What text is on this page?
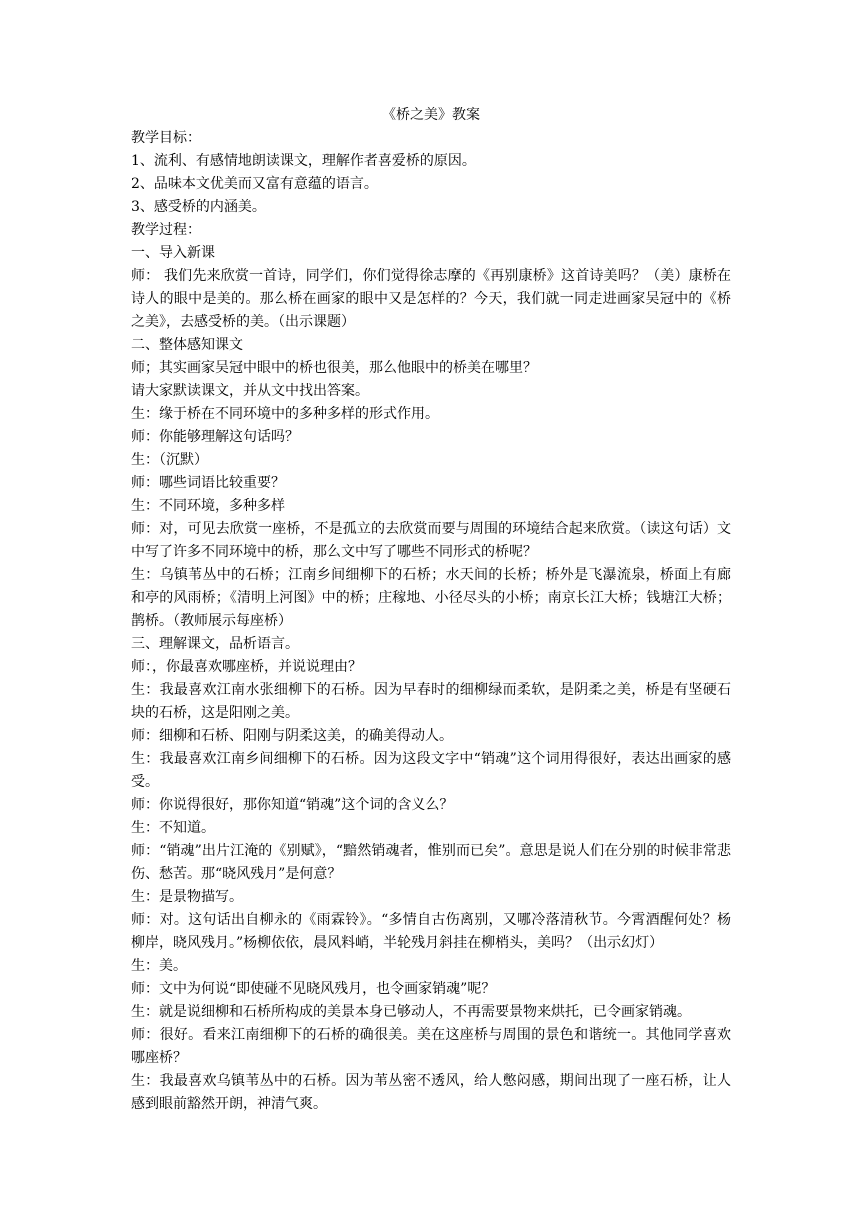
《桥之美》教案

教学目标：

1、流利、有感情地朗读课文，理解作者喜爱桥的原因。

2、品味本文优美而又富有意蕴的语言。

3、感受桥的内涵美。

教学过程：

一、导入新课

师： 我们先来欣赏一首诗，同学们，你们觉得徐志摩的《再别康桥》这首诗美吗？（美）康桥在诗人的眼中是美的。那么桥在画家的眼中又是怎样的？今天，我们就一同走进画家吴冠中的《桥之美》，去感受桥的美。（出示课题）

二、整体感知课文

师；其实画家吴冠中眼中的桥也很美，那么他眼中的桥美在哪里？

请大家默读课文，并从文中找出答案。

生：缘于桥在不同环境中的多种多样的形式作用。

师：你能够理解这句话吗？

生：（沉默）

师：哪些词语比较重要？

生：不同环境，多种多样

师：对，可见去欣赏一座桥，不是孤立的去欣赏而要与周围的环境结合起来欣赏。（读这句话）文中写了许多不同环境中的桥，那么文中写了哪些不同形式的桥呢？

生：乌镇苇丛中的石桥；江南乡间细柳下的石桥；水天间的长桥；桥外是飞瀑流泉，桥面上有廊和亭的风雨桥；《清明上河图》中的桥；庄稼地、小径尽头的小桥；南京长江大桥；钱塘江大桥；鹊桥。（教师展示每座桥）

三、理解课文，品析语言。

师：，你最喜欢哪座桥，并说说理由？

生：我最喜欢江南水张细柳下的石桥。因为早春时的细柳绿而柔软，是阴柔之美，桥是有坚硬石块的石桥，这是阳刚之美。

师：细柳和石桥、阳刚与阴柔这美，的确美得动人。

生：我最喜欢江南乡间细柳下的石桥。因为这段文字中“销魂”这个词用得很好，表达出画家的感受。

师：你说得很好，那你知道“销魂”这个词的含义么？

生：不知道。

师：“销魂”出片江淹的《别赋》，“黯然销魂者，惟别而已矣”。意思是说人们在分别的时候非常悲伤、愁苦。那“晓风残月”是何意？

生：是景物描写。

师：对。这句话出自柳永的《雨霖铃》。“多情自古伤离别，又哪冷落清秋节。今霄酒醒何处？杨柳岸，晓风残月。”杨柳依依，晨风料峭，半轮残月斜挂在柳梢头，美吗？（出示幻灯）

生：美。

师：文中为何说“即使碰不见晓风残月，也令画家销魂”呢？

生：就是说细柳和石桥所构成的美景本身已够动人，不再需要景物来烘托，已令画家销魂。

师：很好。看来江南细柳下的石桥的确很美。美在这座桥与周围的景色和谐统一。其他同学喜欢哪座桥？

生：我最喜欢乌镇苇丛中的石桥。因为苇丛密不透风，给人憋闷感，期间出现了一座石桥，让人感到眼前豁然开朗，神清气爽。
